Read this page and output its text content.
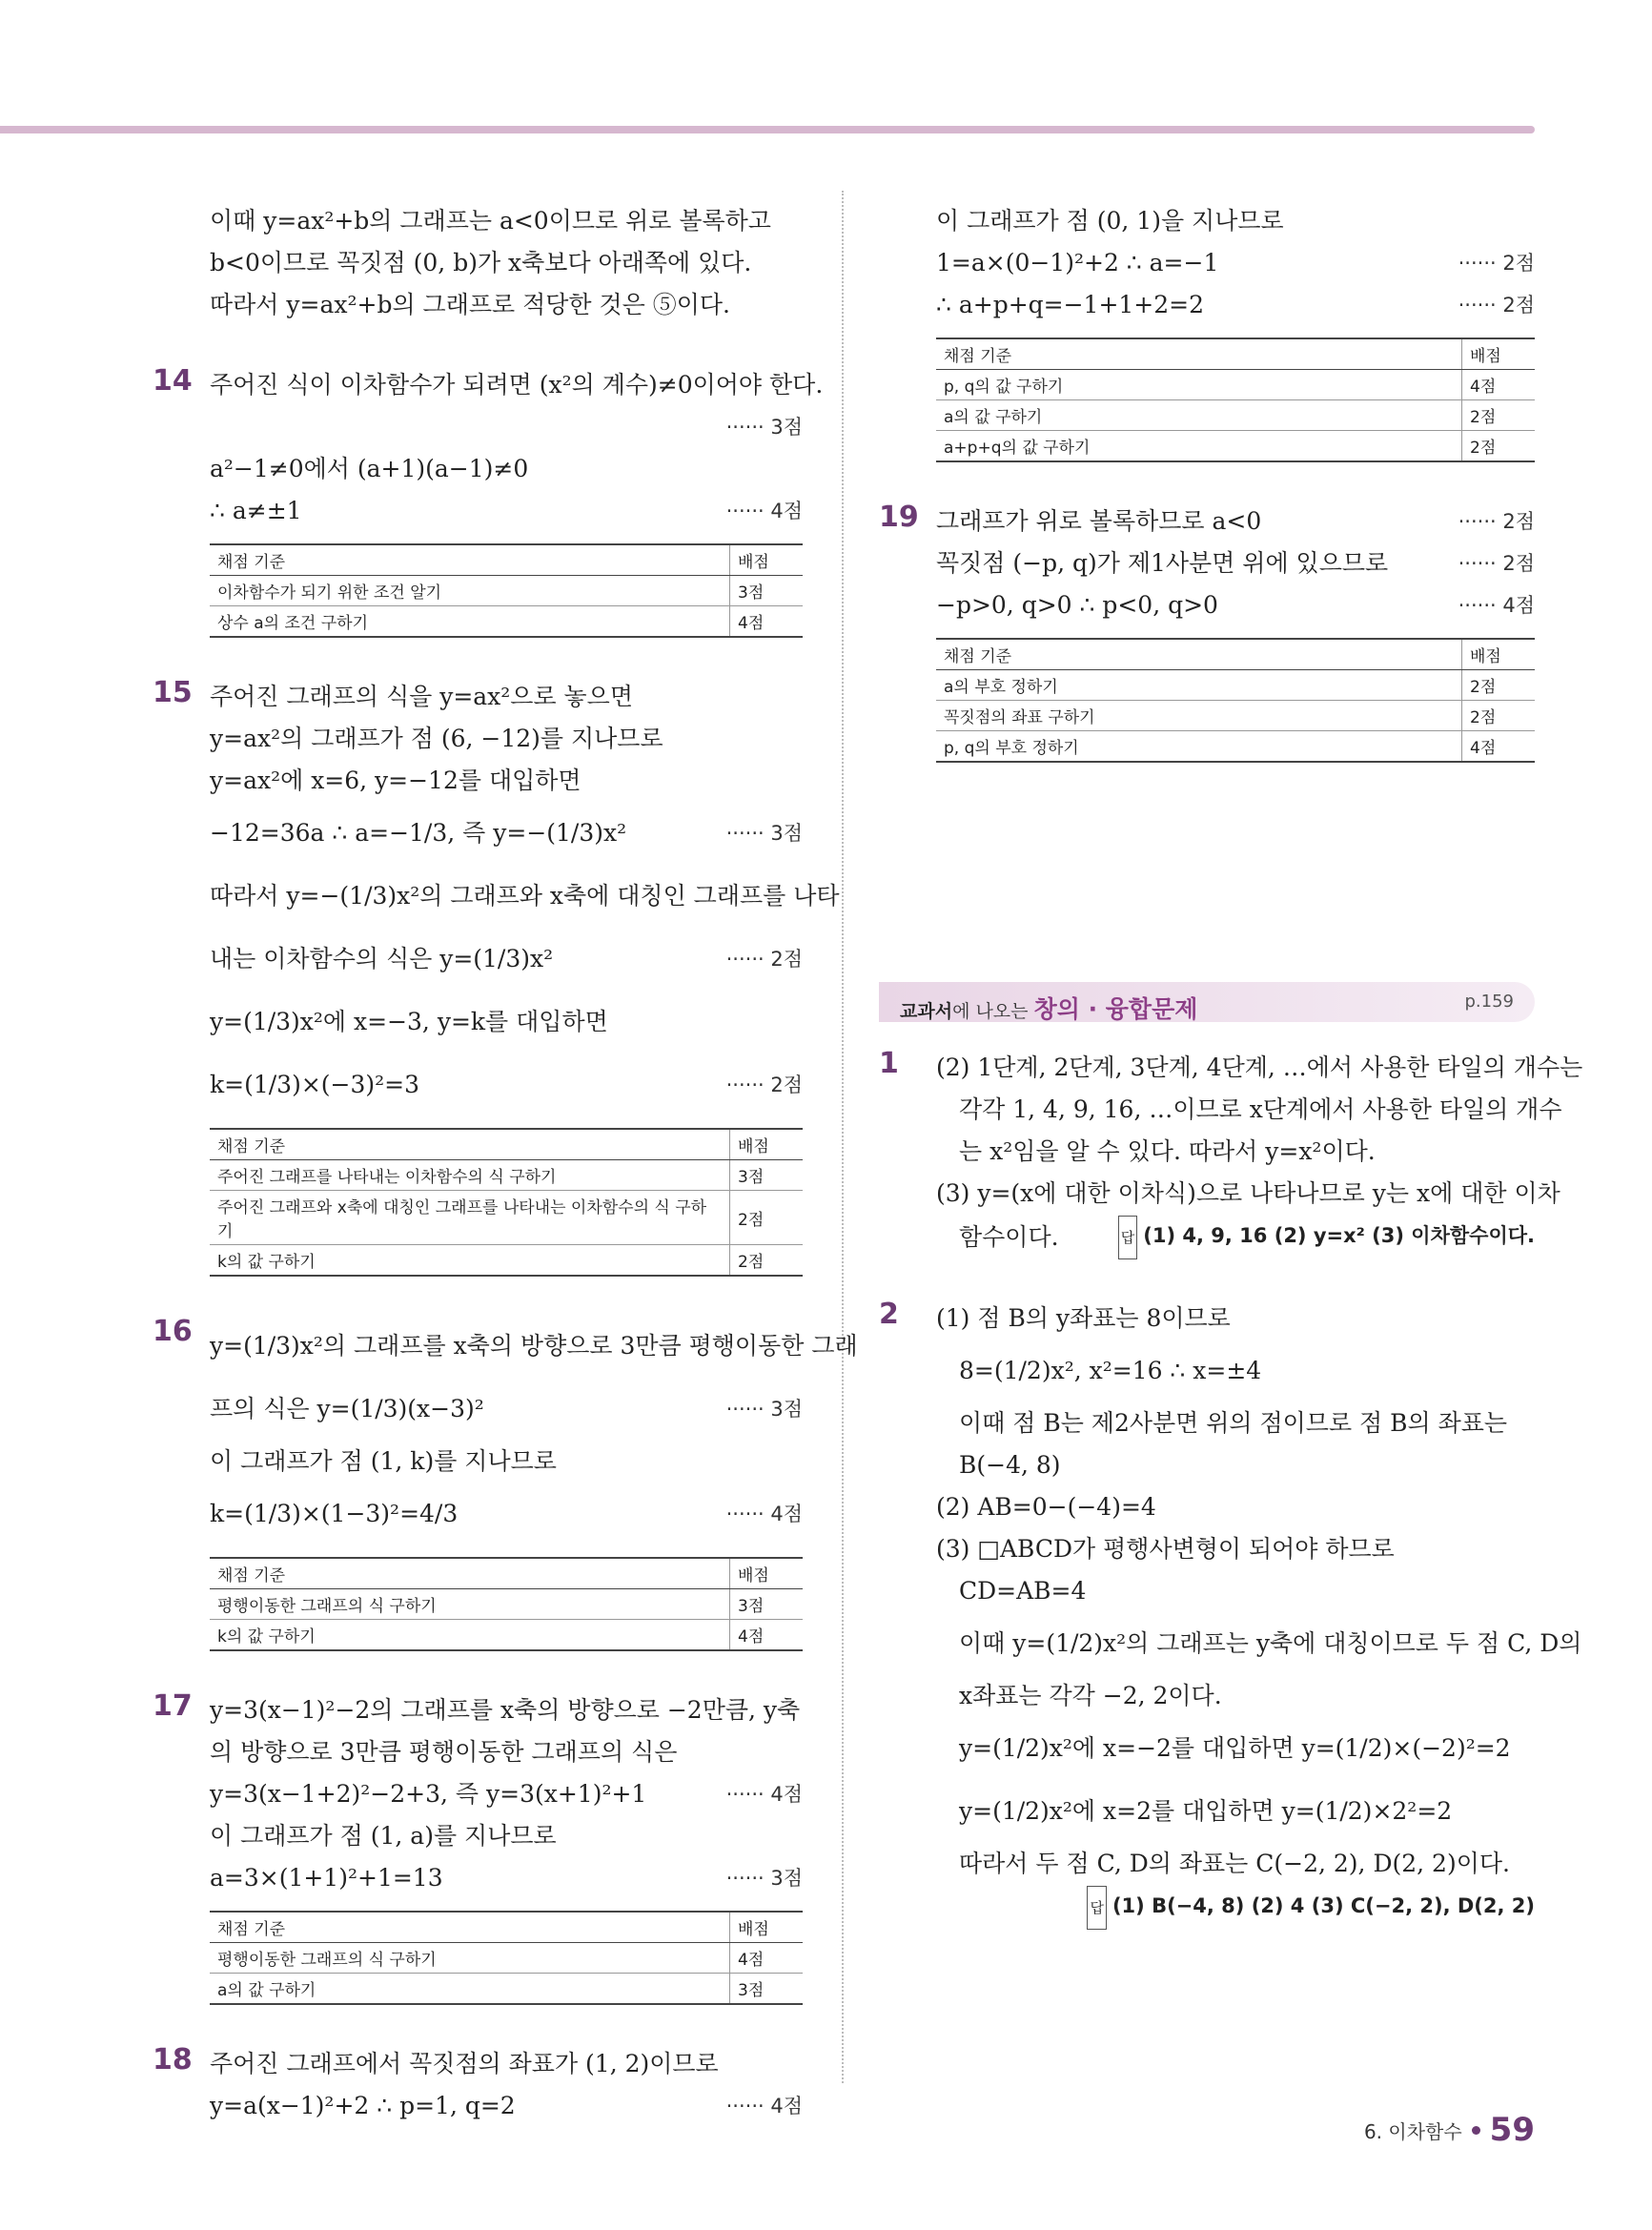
이때 y=ax²+b의 그래프는 a<0이므로 위로 볼록하고
b<0이므로 꼭짓점 (0, b)가 x축보다 아래쪽에 있다.
따라서 y=ax²+b의 그래프로 적당한 것은 ⑤이다.
14 주어진 식이 이차함수가 되려면 (x²의 계수)≠0이어야 한다.
······ 3점
a²−1≠0에서 (a+1)(a−1)≠0
∴ a≠±1	······ 4점
채점 기준	배점
이차함수가 되기 위한 조건 알기	3점
상수 a의 조건 구하기	4점
15 주어진 그래프의 식을 y=ax²으로 놓으면
y=ax²의 그래프가 점 (6, −12)를 지나므로
y=ax²에 x=6, y=−12를 대입하면
−12=36a ∴ a=−1/3, 즉 y=−(1/3)x²	······ 3점
따라서 y=−(1/3)x²의 그래프와 x축에 대칭인 그래프를 나타
내는 이차함수의 식은 y=(1/3)x²	······ 2점
y=(1/3)x²에 x=−3, y=k를 대입하면
k=(1/3)×(−3)²=3	······ 2점
채점 기준	배점
주어진 그래프를 나타내는 이차함수의 식 구하기	3점
주어진 그래프와 x축에 대칭인 그래프를 나타내는 이차함수의 식 구하기	2점
k의 값 구하기	2점
16 y=(1/3)x²의 그래프를 x축의 방향으로 3만큼 평행이동한 그래
프의 식은 y=(1/3)(x−3)²	······ 3점
이 그래프가 점 (1, k)를 지나므로
k=(1/3)×(1−3)²=4/3	······ 4점
채점 기준	배점
평행이동한 그래프의 식 구하기	3점
k의 값 구하기	4점
17 y=3(x−1)²−2의 그래프를 x축의 방향으로 −2만큼, y축
의 방향으로 3만큼 평행이동한 그래프의 식은
y=3(x−1+2)²−2+3, 즉 y=3(x+1)²+1	······ 4점
이 그래프가 점 (1, a)를 지나므로
a=3×(1+1)²+1=13	······ 3점
채점 기준	배점
평행이동한 그래프의 식 구하기	4점
a의 값 구하기	3점
18 주어진 그래프에서 꼭짓점의 좌표가 (1, 2)이므로
y=a(x−1)²+2 ∴ p=1, q=2	······ 4점
이 그래프가 점 (0, 1)을 지나므로
1=a×(0−1)²+2 ∴ a=−1	······ 2점
∴ a+p+q=−1+1+2=2	······ 2점
채점 기준	배점
p, q의 값 구하기	4점
a의 값 구하기	2점
a+p+q의 값 구하기	2점
19 그래프가 위로 볼록하므로 a<0	······ 2점
꼭짓점 (−p, q)가 제1사분면 위에 있으므로	······ 2점
−p>0, q>0 ∴ p<0, q>0	······ 4점
채점 기준	배점
a의 부호 정하기	2점
꼭짓점의 좌표 구하기	2점
p, q의 부호 정하기	4점
교과서에 나오는 창의 · 융합문제	p.159
1 (2) 1단계, 2단계, 3단계, 4단계, …에서 사용한 타일의 개수는
각각 1, 4, 9, 16, …이므로 x단계에서 사용한 타일의 개수
는 x²임을 알 수 있다. 따라서 y=x²이다.
(3) y=(x에 대한 이차식)으로 나타나므로 y는 x에 대한 이차
함수이다.	답 (1) 4, 9, 16 (2) y=x² (3) 이차함수이다.
2 (1) 점 B의 y좌표는 8이므로
8=(1/2)x², x²=16 ∴ x=±4
이때 점 B는 제2사분면 위의 점이므로 점 B의 좌표는
B(−4, 8)
(2) AB=0−(−4)=4
(3) □ABCD가 평행사변형이 되어야 하므로
CD=AB=4
이때 y=(1/2)x²의 그래프는 y축에 대칭이므로 두 점 C, D의
x좌표는 각각 −2, 2이다.
y=(1/2)x²에 x=−2를 대입하면 y=(1/2)×(−2)²=2
y=(1/2)x²에 x=2를 대입하면 y=(1/2)×2²=2
따라서 두 점 C, D의 좌표는 C(−2, 2), D(2, 2)이다.
답 (1) B(−4, 8) (2) 4 (3) C(−2, 2), D(2, 2)
6. 이차함수 59
